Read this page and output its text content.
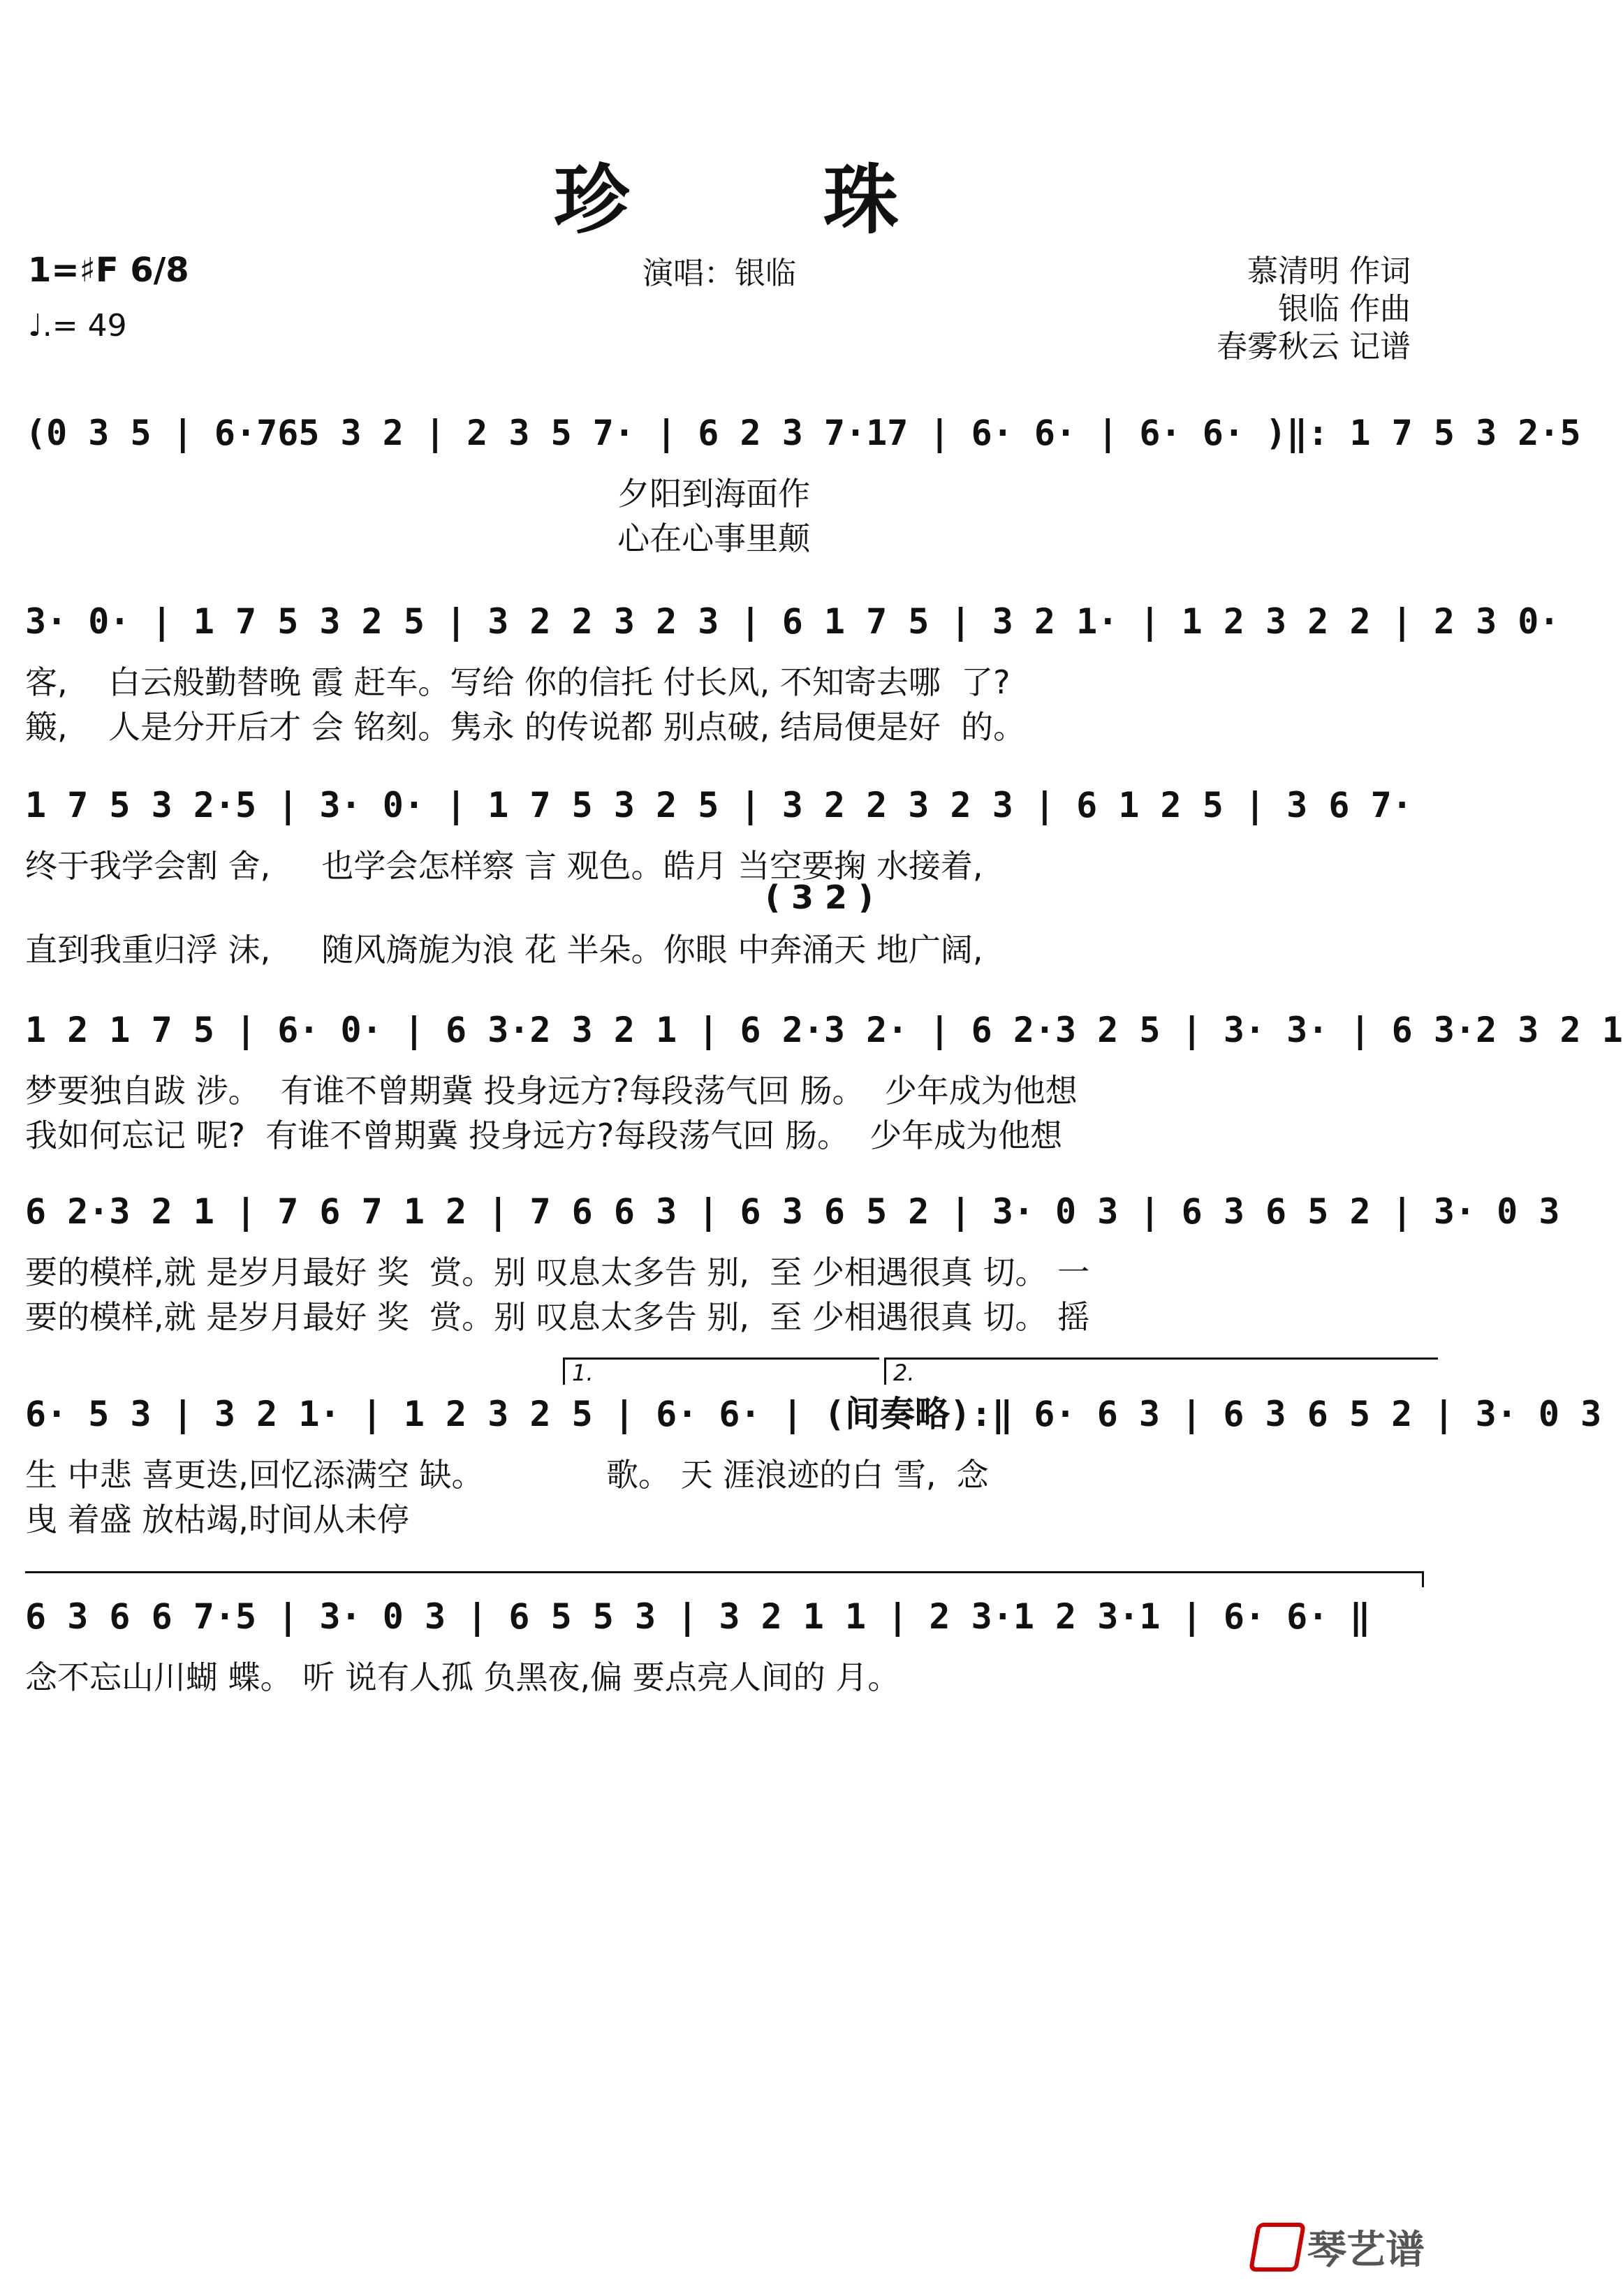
珍 珠
1=♯F 6/8
♩.= 49
演唱：银临	慕清明 作词
银临 作曲
春雾秋云 记谱
(0 3 5 | 6·765 3 2 | 2 3 5 7· | 6 2 3 7·17 | 6· 6· | 6· 6· )‖: 1 7 5 3 2·5
夕阳到海面作
心在心事里颠
3· 0· | 1 7 5 3 2 5 | 3 2 2 3 2 3 | 6 1 7 5 | 3 2 1· | 1 2 3 2 2 | 2 3 0·
客,    白云般勤替晚 霞 赶车。写给 你的信托 付长风, 不知寄去哪  了?
簸,    人是分开后才 会 铭刻。隽永 的传说都 别点破, 结局便是好  的。
1 7 5 3 2·5 | 3· 0· | 1 7 5 3 2 5 | 3 2 2 3 2 3 | 6 1 2 5 | 3 6 7·
终于我学会割 舍,     也学会怎样察 言 观色。皓月 当空要掬 水接着,
( 3 2 )
直到我重归浮 沫,     随风旖旎为浪 花 半朵。你眼 中奔涌天 地广阔,
1 2 1 7 5 | 6· 0· | 6 3·2 3 2 1 | 6 2·3 2· | 6 2·3 2 5 | 3· 3· | 6 3·2 3 2 1
梦要独自跋 涉。  有谁不曾期冀 投身远方?每段荡气回 肠。  少年成为他想
我如何忘记 呢?  有谁不曾期冀 投身远方?每段荡气回 肠。  少年成为他想
6 2·3 2 1 | 7 6 7 1 2 | 7 6 6 3 | 6 3 6 5 2 | 3· 0 3 | 6 3 6 5 2 | 3· 0 3
要的模样,就 是岁月最好 奖  赏。别 叹息太多告 别,  至 少相遇很真 切。 一
要的模样,就 是岁月最好 奖  赏。别 叹息太多告 别,  至 少相遇很真 切。 摇
1.	2.
6· 5 3 | 3 2 1· | 1 2 3 2 5 | 6· 6· | (间奏略):‖ 6· 6 3 | 6 3 6 5 2 | 3· 0 3
生 中悲 喜更迭,回忆添满空 缺。            歌。 天 涯浪迹的白 雪,  念
曳 着盛 放枯竭,时间从未停
6 3 6 6 7·5 | 3· 0 3 | 6 5 5 3 | 3 2 1 1 | 2 3·1 2 3·1 | 6· 6· ‖
念不忘山川蝴 蝶。 听 说有人孤 负黑夜,偏 要点亮人间的 月。
琴艺谱
